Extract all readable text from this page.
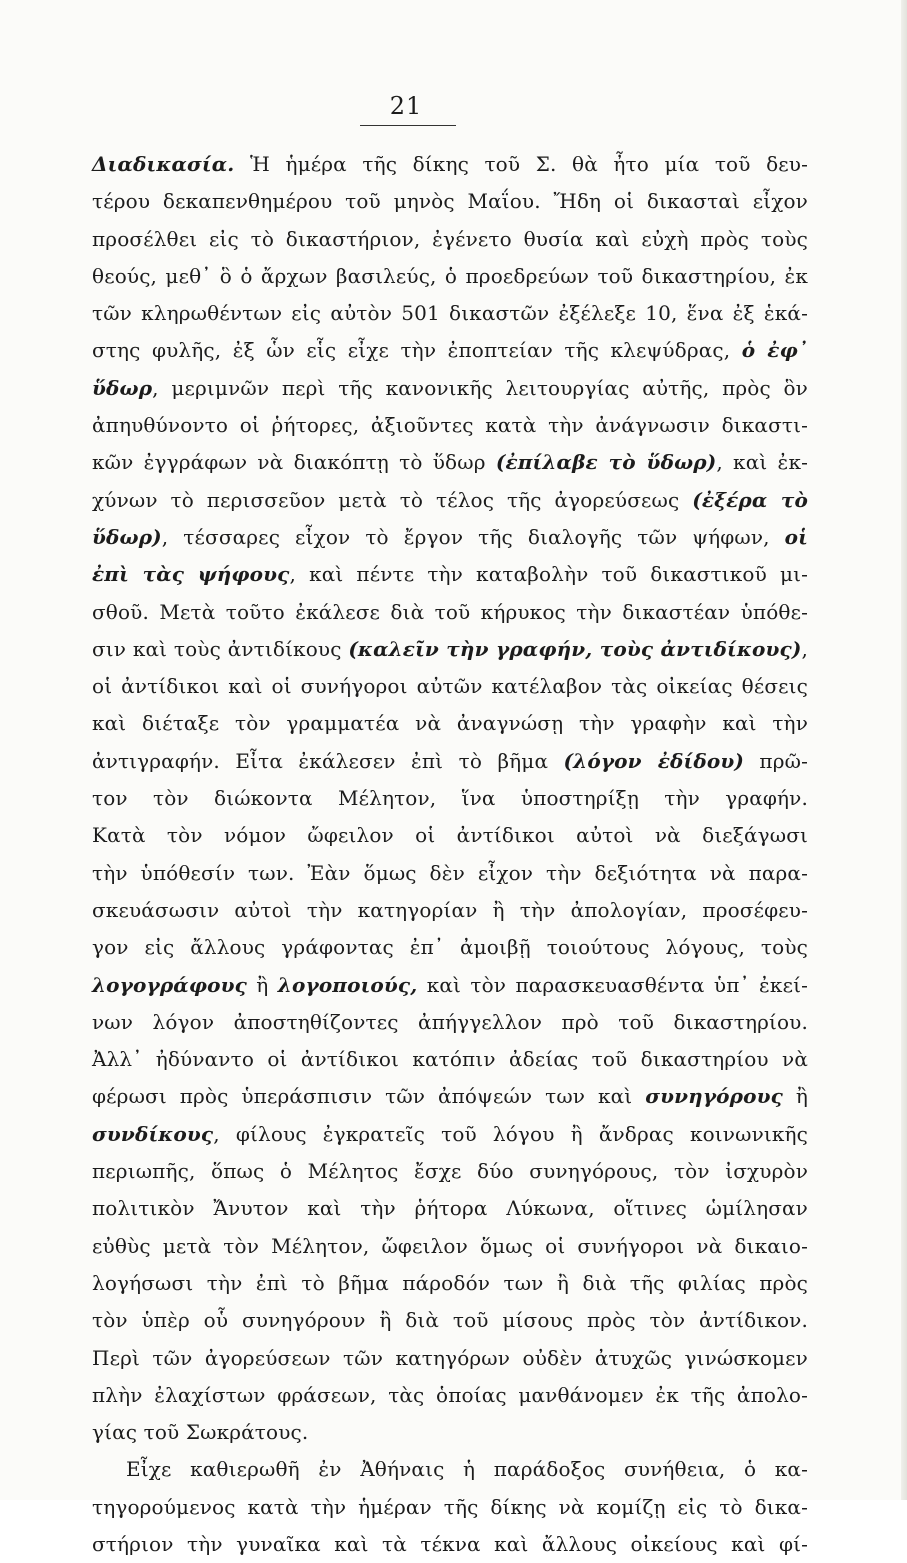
21
Διαδικασία. Ἡ ἡμέρα τῆς δίκης τοῦ Σ. θὰ ἦτο μία τοῦ δευ-
τέρου δεκαπενθημέρου τοῦ μηνὸς Μαΐου. Ἤδη οἱ δικασταὶ εἶχον
προσέλθει εἰς τὸ δικαστήριον, ἐγένετο θυσία καὶ εὐχὴ πρὸς τοὺς
θεούς, μεθ᾿ ὃ ὁ ἄρχων βασιλεύς, ὁ προεδρεύων τοῦ δικαστηρίου, ἐκ
τῶν κληρωθέντων εἰς αὐτὸν 501 δικαστῶν ἐξέλεξε 10, ἕνα ἐξ ἑκά-
στης φυλῆς, ἐξ ὧν εἷς εἶχε τὴν ἐποπτείαν τῆς κλεψύδρας, ὁ ἐφ᾿
ὕδωρ, μεριμνῶν περὶ τῆς κανονικῆς λειτουργίας αὐτῆς, πρὸς ὃν
ἀπηυθύνοντο οἱ ῥήτορες, ἀξιοῦντες κατὰ τὴν ἀνάγνωσιν δικαστι-
κῶν ἐγγράφων νὰ διακόπτῃ τὸ ὕδωρ (ἐπίλαβε τὸ ὕδωρ), καὶ ἐκ-
χύνων τὸ περισσεῦον μετὰ τὸ τέλος τῆς ἀγορεύσεως (ἐξέρα τὸ
ὕδωρ), τέσσαρες εἶχον τὸ ἔργον τῆς διαλογῆς τῶν ψήφων, οἱ
ἐπὶ τὰς ψήφους, καὶ πέντε τὴν καταβολὴν τοῦ δικαστικοῦ μι-
σθοῦ. Μετὰ τοῦτο ἐκάλεσε διὰ τοῦ κήρυκος τὴν δικαστέαν ὑπόθε-
σιν καὶ τοὺς ἀντιδίκους (καλεῖν τὴν γραφήν, τοὺς ἀντιδίκους),
οἱ ἀντίδικοι καὶ οἱ συνήγοροι αὐτῶν κατέλαβον τὰς οἰκείας θέσεις
καὶ διέταξε τὸν γραμματέα νὰ ἀναγνώσῃ τὴν γραφὴν καὶ τὴν
ἀντιγραφήν. Εἶτα ἐκάλεσεν ἐπὶ τὸ βῆμα (λόγον ἐδίδου) πρῶ-
τον τὸν διώκοντα Μέλητον, ἵνα ὑποστηρίξῃ τὴν γραφήν.
Κατὰ τὸν νόμον ὤφειλον οἱ ἀντίδικοι αὐτοὶ νὰ διεξάγωσι
τὴν ὑπόθεσίν των. Ἐὰν ὅμως δὲν εἶχον τὴν δεξιότητα νὰ παρα-
σκευάσωσιν αὐτοὶ τὴν κατηγορίαν ἢ τὴν ἀπολογίαν, προσέφευ-
γον εἰς ἄλλους γράφοντας ἐπ᾿ ἀμοιβῇ τοιούτους λόγους, τοὺς
λογογράφους ἢ λογοποιούς, καὶ τὸν παρασκευασθέντα ὑπ᾿ ἐκεί-
νων λόγον ἀποστηθίζοντες ἀπήγγελλον πρὸ τοῦ δικαστηρίου.
Ἀλλ᾿ ἠδύναντο οἱ ἀντίδικοι κατόπιν ἀδείας τοῦ δικαστηρίου νὰ
φέρωσι πρὸς ὑπεράσπισιν τῶν ἀπόψεών των καὶ συνηγόρους ἢ
συνδίκους, φίλους ἐγκρατεῖς τοῦ λόγου ἢ ἄνδρας κοινωνικῆς
περιωπῆς, ὅπως ὁ Μέλητος ἔσχε δύο συνηγόρους, τὸν ἰσχυρὸν
πολιτικὸν Ἄνυτον καὶ τὴν ῥήτορα Λύκωνα, οἵτινες ὡμίλησαν
εὐθὺς μετὰ τὸν Μέλητον, ὤφειλον ὅμως οἱ συνήγοροι νὰ δικαιο-
λογήσωσι τὴν ἐπὶ τὸ βῆμα πάροδόν των ἢ διὰ τῆς φιλίας πρὸς
τὸν ὑπὲρ οὗ συνηγόρουν ἢ διὰ τοῦ μίσους πρὸς τὸν ἀντίδικον.
Περὶ τῶν ἀγορεύσεων τῶν κατηγόρων οὐδὲν ἀτυχῶς γινώσκομεν
πλὴν ἐλαχίστων φράσεων, τὰς ὁποίας μανθάνομεν ἐκ τῆς ἀπολο-
γίας τοῦ Σωκράτους.
Εἶχε καθιερωθῆ ἐν Ἀθήναις ἡ παράδοξος συνήθεια, ὁ κα-
τηγορούμενος κατὰ τὴν ἡμέραν τῆς δίκης νὰ κομίζῃ εἰς τὸ δικα-
στήριον τὴν γυναῖκα καὶ τὰ τέκνα καὶ ἄλλους οἰκείους καὶ φί-
